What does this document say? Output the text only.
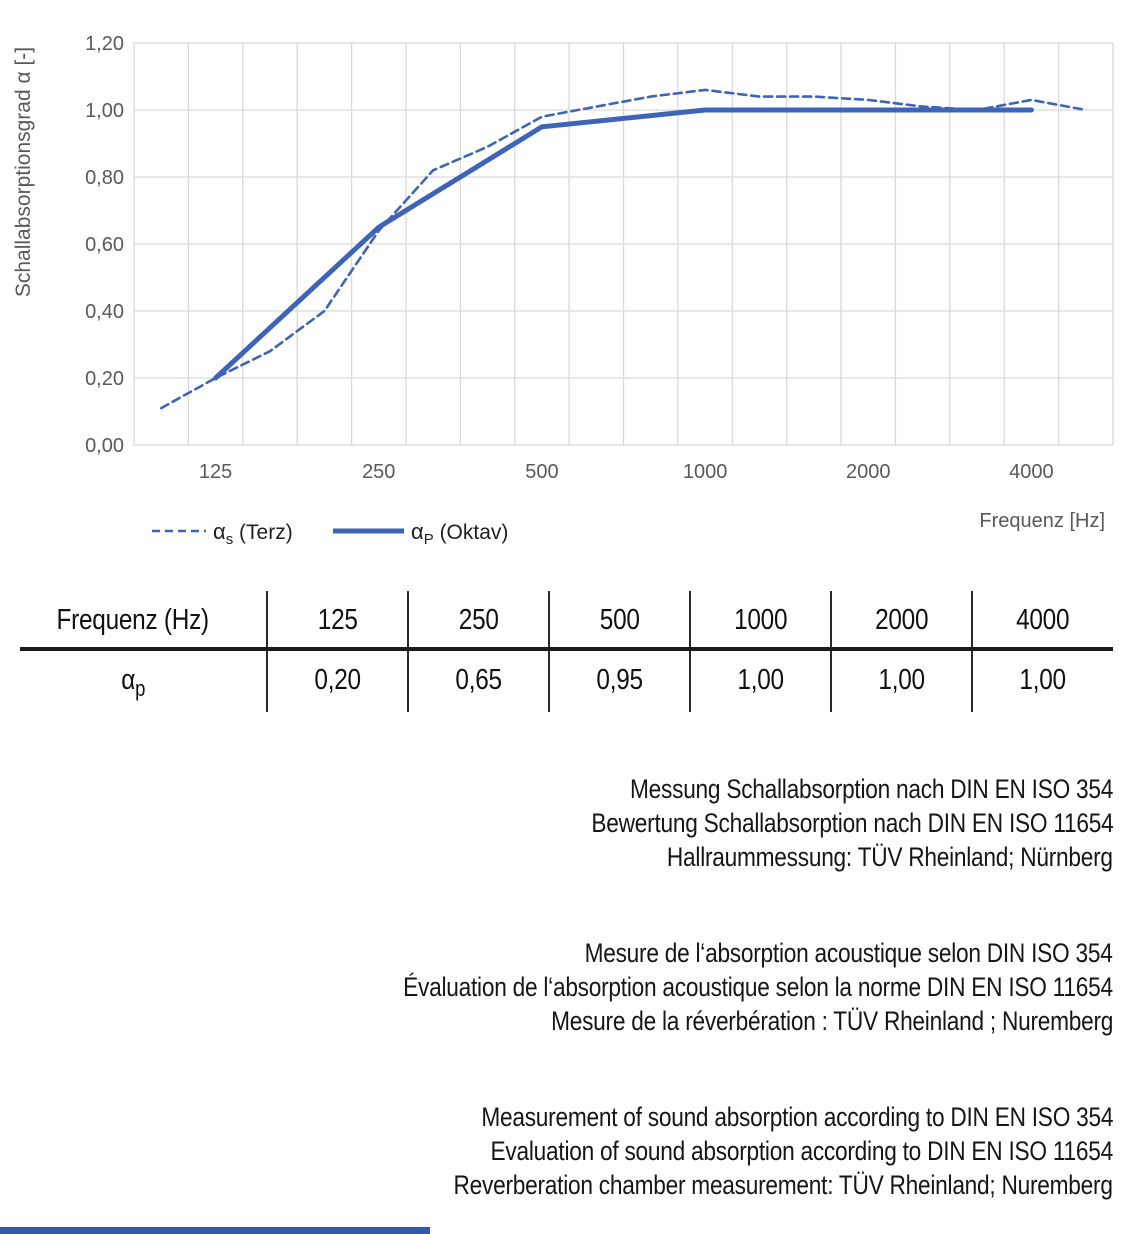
0,00
0,20
0,40
0,60
0,80
1,00
1,20
125	250	500	1000	2000	4000
Schallabsorptionsgrad α [-]
Frequenz [Hz]
$\alpha_s$ (Terz)	$\alpha_P$ (Oktav)
Frequenz (Hz)	125	250	500	1000	2000	4000
$\alpha_p$	0,20	0,65	0,95	1,00	1,00	1,00
Messung Schallabsorption nach DIN EN ISO 354
Bewertung Schallabsorption nach DIN EN ISO 11654
Hallraummessung: TÜV Rheinland; Nürnberg
Mesure de l‘absorption acoustique selon DIN ISO 354
Évaluation de l‘absorption acoustique selon la norme DIN EN ISO 11654
Mesure de la réverbération : TÜV Rheinland ; Nuremberg
Measurement of sound absorption according to DIN EN ISO 354
Evaluation of sound absorption according to DIN EN ISO 11654
Reverberation chamber measurement: TÜV Rheinland; Nuremberg
